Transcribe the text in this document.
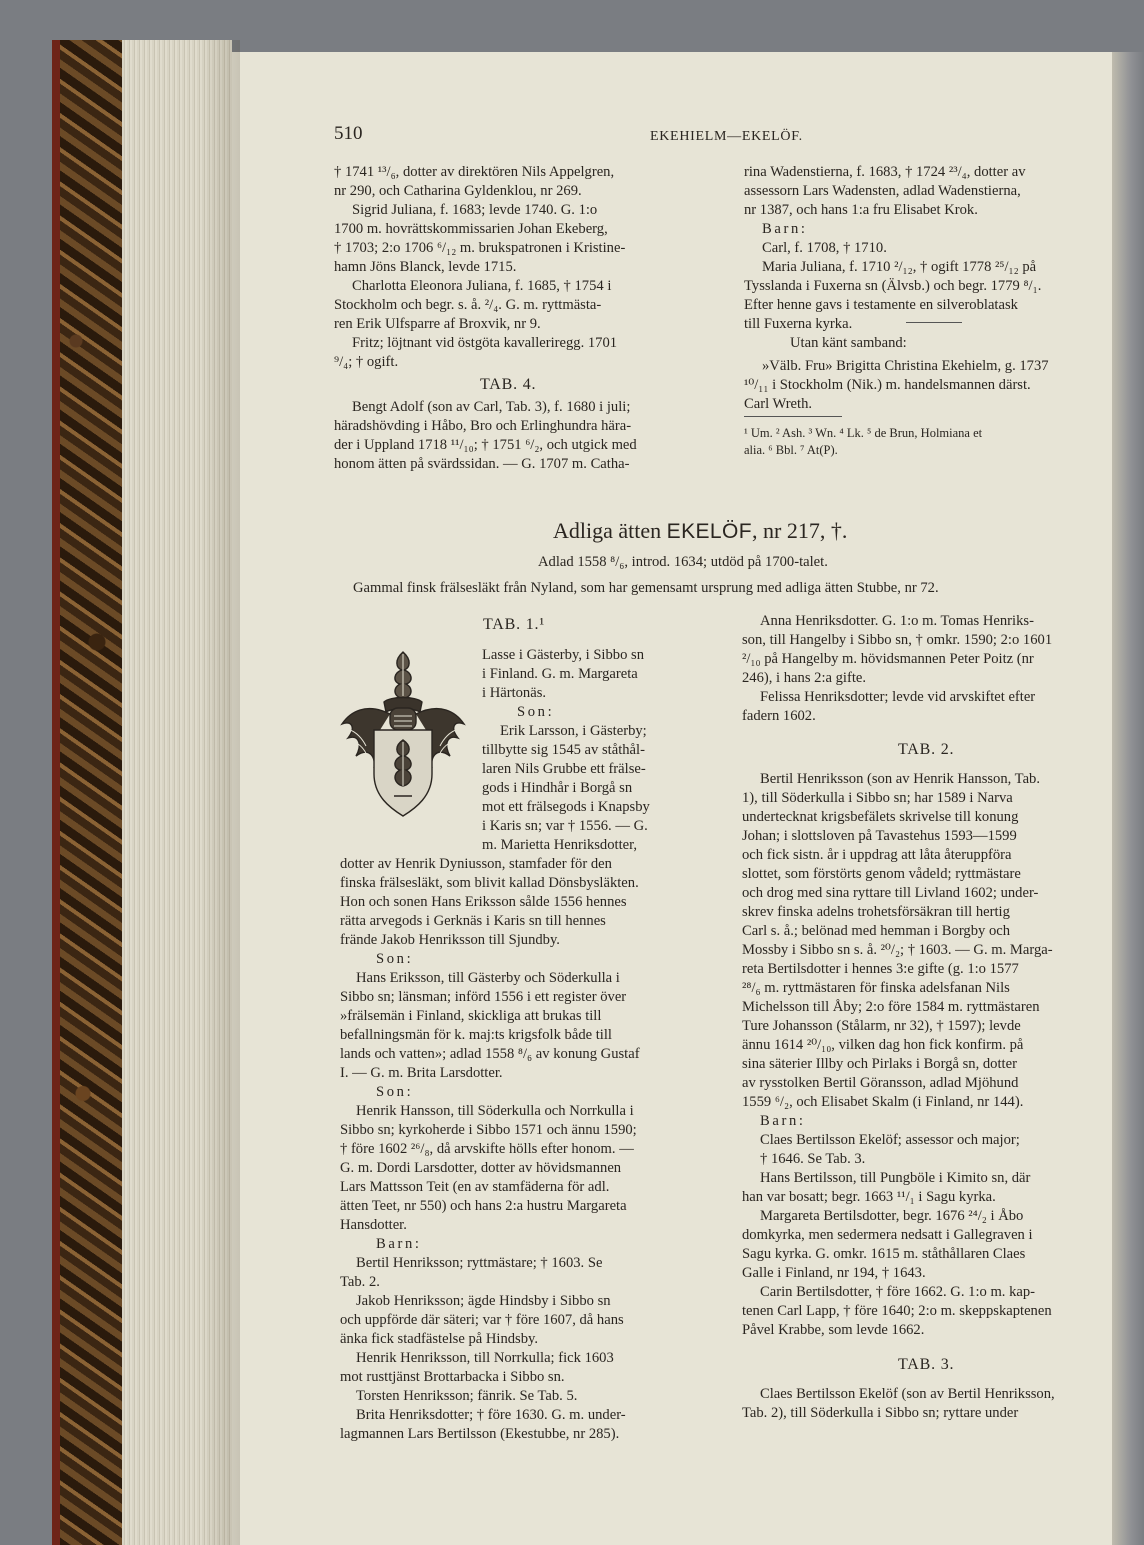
510	EKEHIELM—EKELÖF.
† 1741 ¹³/₆, dotter av direktören Nils Appelgren,
nr 290, och Catharina Gyldenklou, nr 269.
Sigrid Juliana, f. 1683; levde 1740. G. 1:o
1700 m. hovrättskommissarien Johan Ekeberg,
† 1703; 2:o 1706 ⁶/₁₂ m. brukspatronen i Kristine-
hamn Jöns Blanck, levde 1715.
Charlotta Eleonora Juliana, f. 1685, † 1754 i
Stockholm och begr. s. å. ²/₄. G. m. ryttmästa-
ren Erik Ulfsparre af Broxvik, nr 9.
Fritz; löjtnant vid östgöta kavalleriregg. 1701
⁹/₄; † ogift.
TAB. 4.
Bengt Adolf (son av Carl, Tab. 3), f. 1680 i juli;
häradshövding i Håbo, Bro och Erlinghundra härа-
der i Uppland 1718 ¹¹/₁₀; † 1751 ⁶/₂, och utgick med
honom ätten på svärdssidan. — G. 1707 m. Catha-
rina Wadenstierna, f. 1683, † 1724 ²³/₄, dotter av
assessorn Lars Wadensten, adlad Wadenstierna,
nr 1387, och hans 1:a fru Elisabet Krok.
Barn:
Carl, f. 1708, † 1710.
Maria Juliana, f. 1710 ²/₁₂, † ogift 1778 ²⁵/₁₂ på
Tysslanda i Fuxerna sn (Älvsb.) och begr. 1779 ⁸/₁.
Efter henne gavs i testamente en silveroblatask
till Fuxerna kyrka.
Utan känt samband:
»Välb. Fru» Brigitta Christina Ekehielm, g. 1737
¹⁰/₁₁ i Stockholm (Nik.) m. handelsmannen därst.
Carl Wreth.
¹ Um. ² Ash. ³ Wn. ⁴ Lk. ⁵ de Brun, Holmiana et
alia. ⁶ Bbl. ⁷ At(P).
Adliga ätten EKELÖF, nr 217, †.
Adlad 1558 ⁸/₆, introd. 1634; utdöd på 1700-talet.
Gammal finsk frälsesläkt från Nyland, som har gemensamt ursprung med adliga ätten Stubbe, nr 72.
TAB. 1.¹
Lasse i Gästerby, i Sibbo sn
i Finland. G. m. Margareta
i Härtonäs.
Son:
Erik Larsson, i Gästerby;
tillbytte sig 1545 av ståthål-
laren Nils Grubbe ett frälse-
gods i Hindhår i Borgå sn
mot ett frälsegods i Knapsby
i Karis sn; var † 1556. — G.
m. Marietta Henriksdotter,
dotter av Henrik Dyniusson, stamfader för den
finska frälsesläkt, som blivit kallad Dönsbysläkten.
Hon och sonen Hans Eriksson sålde 1556 hennes
rätta arvegods i Gerknäs i Karis sn till hennes
frände Jakob Henriksson till Sjundby.
Son:
Hans Eriksson, till Gästerby och Söderkulla i
Sibbo sn; länsman; införd 1556 i ett register över
»frälsemän i Finland, skickliga att brukas till
befallningsmän för k. maj:ts krigsfolk både till
lands och vatten»; adlad 1558 ⁸/₆ av konung Gustaf
I. — G. m. Brita Larsdotter.
Son:
Henrik Hansson, till Söderkulla och Norrkulla i
Sibbo sn; kyrkoherde i Sibbo 1571 och ännu 1590;
† före 1602 ²⁶/₈, då arvskifte hölls efter honom. —
G. m. Dordi Larsdotter, dotter av hövidsmannen
Lars Mattsson Teit (en av stamfäderna för adl.
ätten Teet, nr 550) och hans 2:a hustru Margareta
Hansdotter.
Barn:
Bertil Henriksson; ryttmästare; † 1603. Se
Tab. 2.
Jakob Henriksson; ägde Hindsby i Sibbo sn
och uppförde där säteri; var † före 1607, då hans
änka fick stadfästelse på Hindsby.
Henrik Henriksson, till Norrkulla; fick 1603
mot rusttjänst Brottarbacka i Sibbo sn.
Torsten Henriksson; fänrik. Se Tab. 5.
Brita Henriksdotter; † före 1630. G. m. under-
lagmannen Lars Bertilsson (Ekestubbe, nr 285).
Anna Henriksdotter. G. 1:o m. Tomas Henriks-
son, till Hangelby i Sibbo sn, † omkr. 1590; 2:o 1601
²/₁₀ på Hangelby m. hövidsmannen Peter Poitz (nr
246), i hans 2:a gifte.
Felissa Henriksdotter; levde vid arvskiftet efter
fadern 1602.
TAB. 2.
Bertil Henriksson (son av Henrik Hansson, Tab.
1), till Söderkulla i Sibbo sn; har 1589 i Narva
undertecknat krigsbefälets skrivelse till konung
Johan; i slottsloven på Tavastehus 1593—1599
och fick sistn. år i uppdrag att låta återuppföra
slottet, som förstörts genom vådeld; ryttmästare
och drog med sina ryttare till Livland 1602; under-
skrev finska adelns trohetsförsäkran till hertig
Carl s. å.; belönad med hemman i Borgby och
Mossby i Sibbo sn s. å. ²⁰/₂; † 1603. — G. m. Marga-
reta Bertilsdotter i hennes 3:e gifte (g. 1:o 1577
²⁸/₆ m. ryttmästaren för finska adelsfanan Nils
Michelsson till Åby; 2:o före 1584 m. ryttmästaren
Ture Johansson (Stålarm, nr 32), † 1597); levde
ännu 1614 ²⁰/₁₀, vilken dag hon fick konfirm. på
sina säterier Illby och Pirlaks i Borgå sn, dotter
av rysstolken Bertil Göransson, adlad Mjöhund
1559 ⁶/₂, och Elisabet Skalm (i Finland, nr 144).
Barn:
Claes Bertilsson Ekelöf; assessor och major;
† 1646. Se Tab. 3.
Hans Bertilsson, till Pungböle i Kimito sn, där
han var bosatt; begr. 1663 ¹¹/₁ i Sagu kyrka.
Margareta Bertilsdotter, begr. 1676 ²⁴/₂ i Åbo
domkyrka, men sedermera nedsatt i Gallegraven i
Sagu kyrka. G. omkr. 1615 m. ståthållaren Claes
Galle i Finland, nr 194, † 1643.
Carin Bertilsdotter, † före 1662. G. 1:o m. kap-
tenen Carl Lapp, † före 1640; 2:o m. skeppskaptenen
Påvel Krabbe, som levde 1662.
TAB. 3.
Claes Bertilsson Ekelöf (son av Bertil Henriksson,
Tab. 2), till Söderkulla i Sibbo sn; ryttare under
